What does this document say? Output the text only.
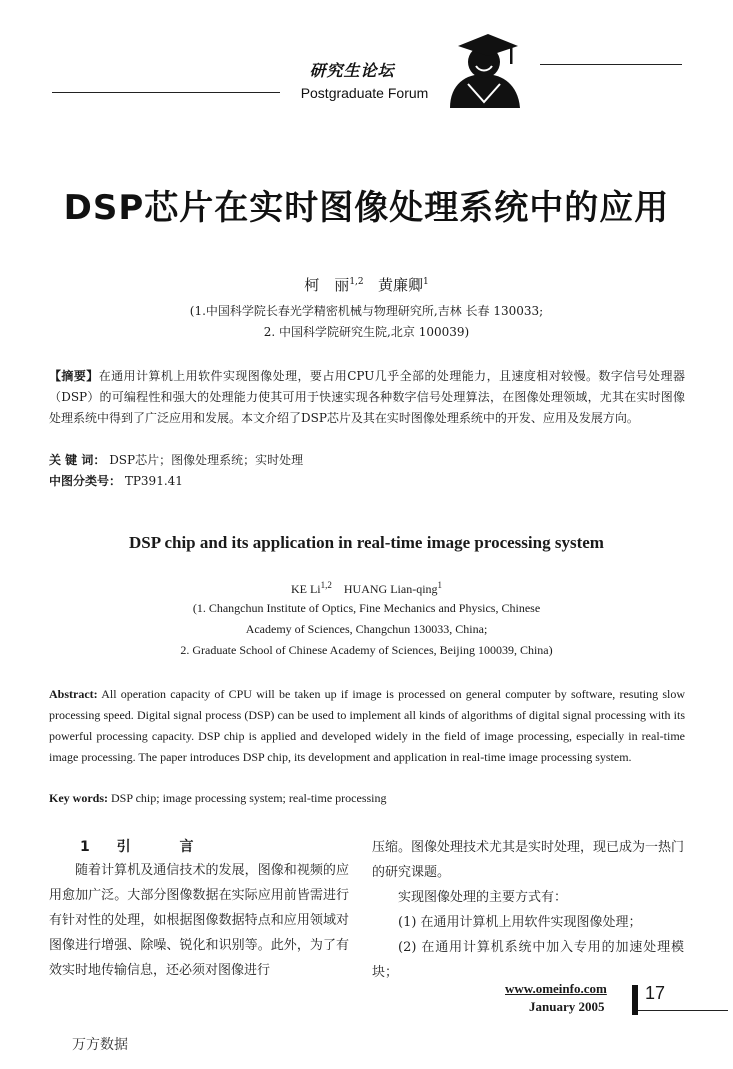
研究生论坛
Postgraduate Forum
DSP芯片在实时图像处理系统中的应用
柯　丽$^{1,2}$ 黄廉卿$^1$
(1.中国科学院长春光学精密机械与物理研究所,吉林 长春 130033;
2. 中国科学院研究生院,北京 100039)
【摘要】在通用计算机上用软件实现图像处理，要占用CPU几乎全部的处理能力，且速度相对较慢。数字信号处理器（DSP）的可编程性和强大的处理能力使其可用于快速实现各种数字信号处理算法，在图像处理领域，尤其在实时图像处理系统中得到了广泛应用和发展。本文介绍了DSP芯片及其在实时图像处理系统中的开发、应用及发展方向。
关 键 词： DSP芯片；图像处理系统；实时处理
中图分类号： TP391.41
DSP chip and its application in real-time image processing system
KE Li$^{1,2}$ HUANG Lian-qing$^1$
(1. Changchun Institute of Optics, Fine Mechanics and Physics, Chinese
Academy of Sciences, Changchun 130033, China;
2. Graduate School of Chinese Academy of Sciences, Beijing 100039, China)
Abstract: All operation capacity of CPU will be taken up if image is processed on general computer by software, resuting slow processing speed. Digital signal process (DSP) can be used to implement all kinds of algorithms of digital signal processing with its powerful processing capacity. DSP chip is applied and developed widely in the field of image processing, especially in real-time image processing. The paper introduces DSP chip, its development and application in real-time image processing system.
Key words: DSP chip; image processing system; real-time processing
1 引	言
随着计算机及通信技术的发展，图像和视频的应用愈加广泛。大部分图像数据在实际应用前皆需进行有针对性的处理，如根据图像数据特点和应用领域对图像进行增强、除噪、锐化和识别等。此外，为了有效实时地传输信息，还必须对图像进行

压缩。图像处理技术尤其是实时处理，现已成为一热门的研究课题。

实现图像处理的主要方式有：

(1) 在通用计算机上用软件实现图像处理；

(2) 在通用计算机系统中加入专用的加速处理模块；

www.omeinfo.com
January 2005
17
万方数据
